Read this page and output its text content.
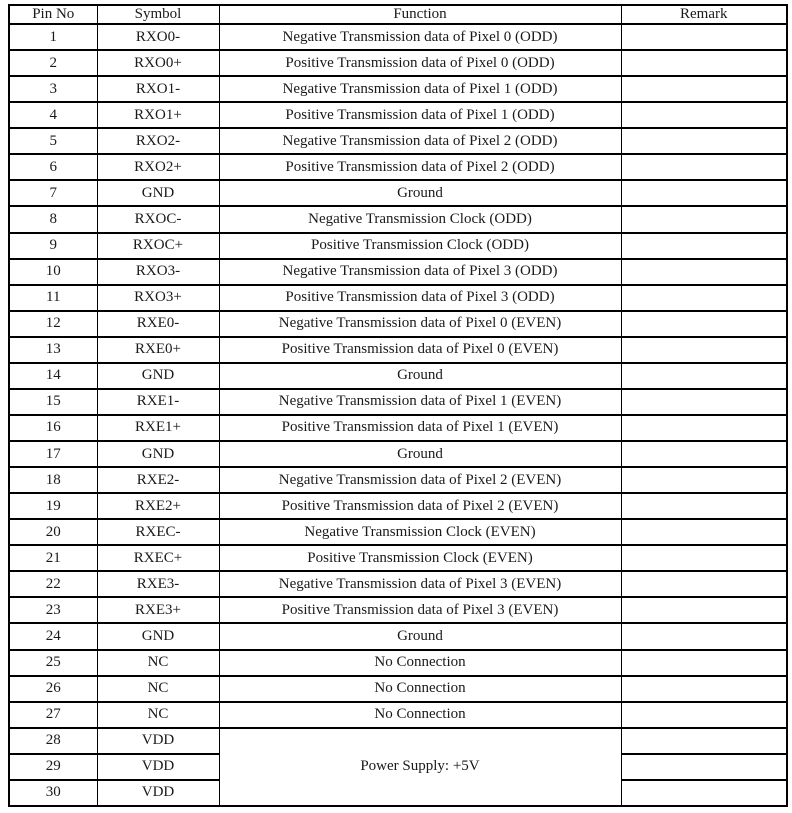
Pin No	Symbol	Function	Remark
1	RXO0-	Negative Transmission data of Pixel 0 (ODD)	
2	RXO0+	Positive Transmission data of Pixel 0 (ODD)	
3	RXO1-	Negative Transmission data of Pixel 1 (ODD)	
4	RXO1+	Positive Transmission data of Pixel 1 (ODD)	
5	RXO2-	Negative Transmission data of Pixel 2 (ODD)	
6	RXO2+	Positive Transmission data of Pixel 2 (ODD)	
7	GND	Ground	
8	RXOC-	Negative Transmission Clock (ODD)	
9	RXOC+	Positive Transmission Clock (ODD)	
10	RXO3-	Negative Transmission data of Pixel 3 (ODD)	
11	RXO3+	Positive Transmission data of Pixel 3 (ODD)	
12	RXE0-	Negative Transmission data of Pixel 0 (EVEN)	
13	RXE0+	Positive Transmission data of Pixel 0 (EVEN)	
14	GND	Ground	
15	RXE1-	Negative Transmission data of Pixel 1 (EVEN)	
16	RXE1+	Positive Transmission data of Pixel 1 (EVEN)	
17	GND	Ground	
18	RXE2-	Negative Transmission data of Pixel 2 (EVEN)	
19	RXE2+	Positive Transmission data of Pixel 2 (EVEN)	
20	RXEC-	Negative Transmission Clock (EVEN)	
21	RXEC+	Positive Transmission Clock (EVEN)	
22	RXE3-	Negative Transmission data of Pixel 3 (EVEN)	
23	RXE3+	Positive Transmission data of Pixel 3 (EVEN)	
24	GND	Ground	
25	NC	No Connection	
26	NC	No Connection	
27	NC	No Connection	
28	VDD	Power Supply: +5V	
29	VDD		
30	VDD		
